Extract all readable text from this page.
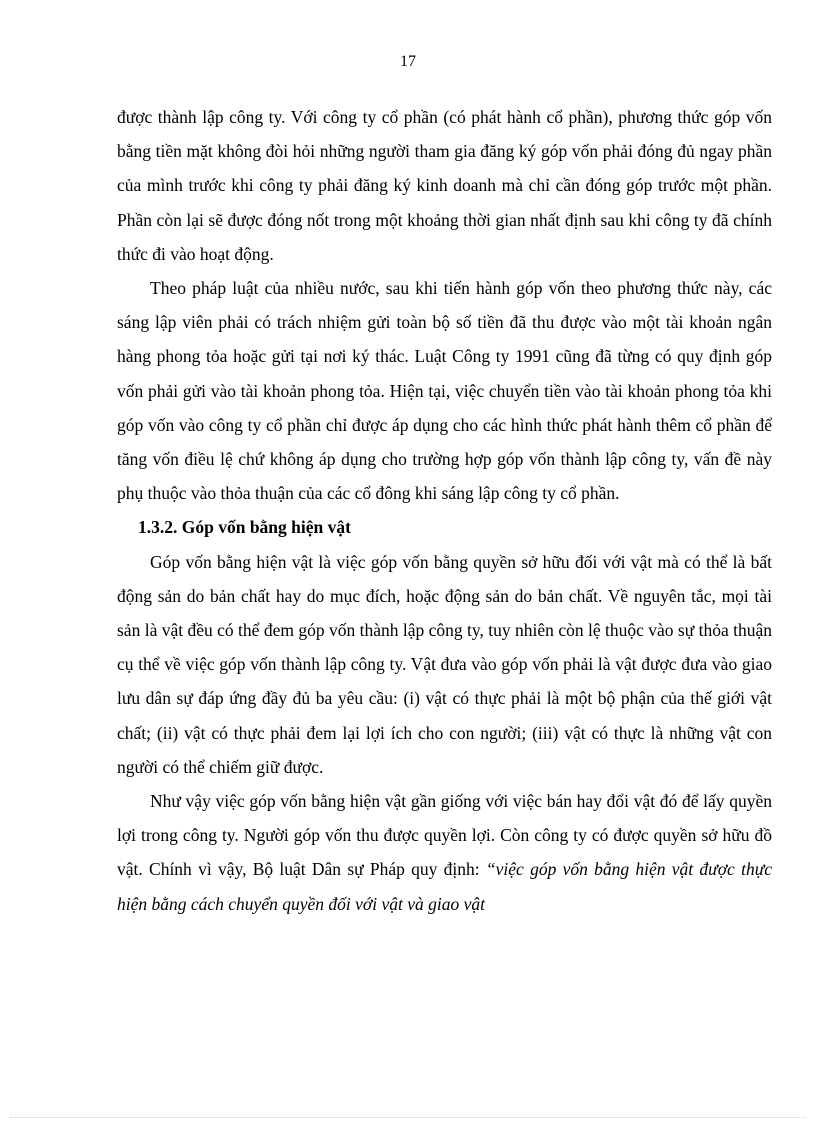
17

được thành lập công ty. Với công ty cổ phần (có phát hành cổ phần), phương thức góp vốn bằng tiền mặt không đòi hỏi những người tham gia đăng ký góp vốn phải đóng đủ ngay phần của mình trước khi công ty phải đăng ký kinh doanh mà chỉ cần đóng góp trước một phần. Phần còn lại sẽ được đóng nốt trong một khoảng thời gian nhất định sau khi công ty đã chính thức đi vào hoạt động.

Theo pháp luật của nhiều nước, sau khi tiến hành góp vốn theo phương thức này, các sáng lập viên phải có trách nhiệm gửi toàn bộ số tiền đã thu được vào một tài khoản ngân hàng phong tỏa hoặc gửi tại nơi ký thác. Luật Công ty 1991 cũng đã từng có quy định góp vốn phải gửi vào tài khoản phong tỏa. Hiện tại, việc chuyển tiền vào tài khoản phong tỏa khi góp vốn vào công ty cổ phần chỉ được áp dụng cho các hình thức phát hành thêm cổ phần để tăng vốn điều lệ chứ không áp dụng cho trường hợp góp vốn thành lập công ty, vấn đề này phụ thuộc vào thỏa thuận của các cổ đông khi sáng lập công ty cổ phần.

1.3.2. Góp vốn bằng hiện vật

Góp vốn bằng hiện vật là việc góp vốn bằng quyền sở hữu đối với vật mà có thể là bất động sản do bản chất hay do mục đích, hoặc động sản do bản chất. Về nguyên tắc, mọi tài sản là vật đều có thể đem góp vốn thành lập công ty, tuy nhiên còn lệ thuộc vào sự thỏa thuận cụ thể về việc góp vốn thành lập công ty. Vật đưa vào góp vốn phải là vật được đưa vào giao lưu dân sự đáp ứng đầy đủ ba yêu cầu: (i) vật có thực phải là một bộ phận của thế giới vật chất; (ii) vật có thực phải đem lại lợi ích cho con người; (iii) vật có thực là những vật con người có thể chiếm giữ được.

Như vậy việc góp vốn bằng hiện vật gần giống với việc bán hay đổi vật đó để lấy quyền lợi trong công ty. Người góp vốn thu được quyền lợi. Còn công ty có được quyền sở hữu đồ vật. Chính vì vậy, Bộ luật Dân sự Pháp quy định: “việc góp vốn bằng hiện vật được thực hiện bằng cách chuyển quyền đối với vật và giao vật
